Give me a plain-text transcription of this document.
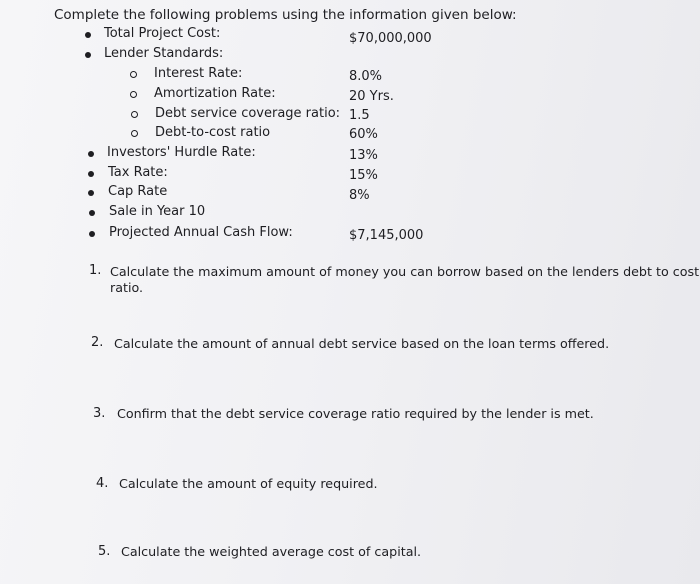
Complete the following problems using the information given below:
Total Project Cost:	$70,000,000
Lender Standards:
Interest Rate:	8.0%
Amortization Rate:	20 Yrs.
Debt service coverage ratio: 1.5
Debt-to-cost ratio	60%
Investors' Hurdle Rate:	13%
Tax Rate:	15%
Cap Rate	8%
Sale in Year 10
Projected Annual Cash Flow:	$7,145,000
1. Calculate the maximum amount of money you can borrow based on the lenders debt to cost
ratio.
2. Calculate the amount of annual debt service based on the loan terms offered.
3. Confirm that the debt service coverage ratio required by the lender is met.
4. Calculate the amount of equity required.
5. Calculate the weighted average cost of capital.
